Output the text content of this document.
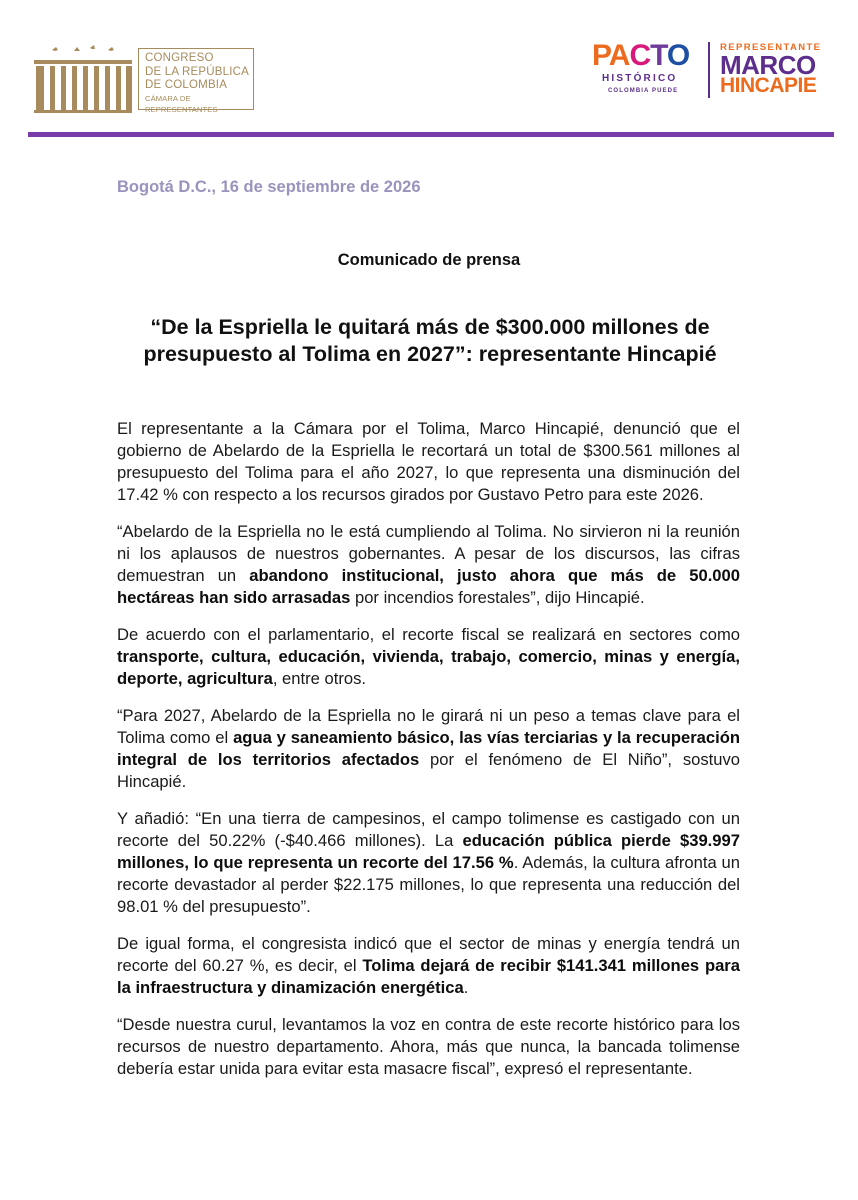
CONGRESO
DE LA REPÚBLICA
DE COLOMBIA
CÁMARA DE REPRESENTANTES
PACTO
HISTÓRICO
COLOMBIA PUEDE
REPRESENTANTE
MARCO
HINCAPIE
Bogotá D.C., 16 de septiembre de 2026
Comunicado de prensa
“De la Espriella le quitará más de $300.000 millones de presupuesto al Tolima en 2027”: representante Hincapié

El representante a la Cámara por el Tolima, Marco Hincapié, denunció que el gobierno de Abelardo de la Espriella le recortará un total de $300.561 millones al presupuesto del Tolima para el año 2027, lo que representa una disminución del 17.42 % con respecto a los recursos girados por Gustavo Petro para este 2026.

“Abelardo de la Espriella no le está cumpliendo al Tolima. No sirvieron ni la reunión ni los aplausos de nuestros gobernantes. A pesar de los discursos, las cifras demuestran un abandono institucional, justo ahora que más de 50.000 hectáreas han sido arrasadas por incendios forestales”, dijo Hincapié.

De acuerdo con el parlamentario, el recorte fiscal se realizará en sectores como transporte, cultura, educación, vivienda, trabajo, comercio, minas y energía, deporte, agricultura, entre otros.

“Para 2027, Abelardo de la Espriella no le girará ni un peso a temas clave para el Tolima como el agua y saneamiento básico, las vías terciarias y la recuperación integral de los territorios afectados por el fenómeno de El Niño”, sostuvo Hincapié.

Y añadió: “En una tierra de campesinos, el campo tolimense es castigado con un recorte del 50.22% (-$40.466 millones). La educación pública pierde $39.997 millones, lo que representa un recorte del 17.56 %. Además, la cultura afronta un recorte devastador al perder $22.175 millones, lo que representa una reducción del 98.01 % del presupuesto”.

De igual forma, el congresista indicó que el sector de minas y energía tendrá un recorte del 60.27 %, es decir, el Tolima dejará de recibir $141.341 millones para la infraestructura y dinamización energética.

“Desde nuestra curul, levantamos la voz en contra de este recorte histórico para los recursos de nuestro departamento. Ahora, más que nunca, la bancada tolimense debería estar unida para evitar esta masacre fiscal”, expresó el representante.
